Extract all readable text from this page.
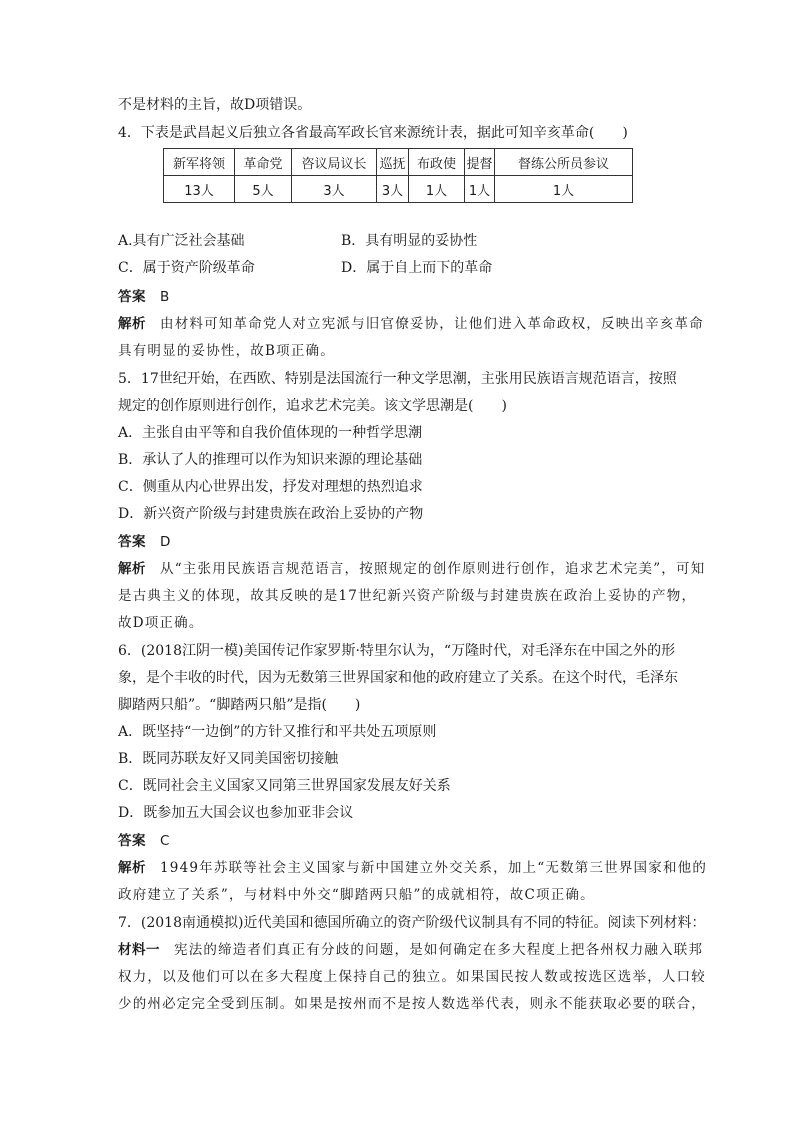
不是材料的主旨，故D项错误。
4．下表是武昌起义后独立各省最高军政长官来源统计表，据此可知辛亥革命(　　)
新军将领	革命党	咨议局议长	巡抚	布政使	提督	督练公所员参议
13人	5人	3人	3人	1人	1人	1人
A.具有广泛社会基础	B．具有明显的妥协性
C．属于资产阶级革命	D．属于自上而下的革命
答案 B
解析 由材料可知革命党人对立宪派与旧官僚妥协，让他们进入革命政权，反映出辛亥革命
具有明显的妥协性，故B项正确。
5．17世纪开始，在西欧、特别是法国流行一种文学思潮，主张用民族语言规范语言，按照
规定的创作原则进行创作，追求艺术完美。该文学思潮是(　　)
A．主张自由平等和自我价值体现的一种哲学思潮
B．承认了人的推理可以作为知识来源的理论基础
C．侧重从内心世界出发，抒发对理想的热烈追求
D．新兴资产阶级与封建贵族在政治上妥协的产物
答案 D
解析 从“主张用民族语言规范语言，按照规定的创作原则进行创作，追求艺术完美”，可知
是古典主义的体现，故其反映的是17世纪新兴资产阶级与封建贵族在政治上妥协的产物，
故D项正确。
6．(2018江阴一模)美国传记作家罗斯·特里尔认为，“万隆时代，对毛泽东在中国之外的形
象，是个丰收的时代，因为无数第三世界国家和他的政府建立了关系。在这个时代，毛泽东
脚踏两只船”。“脚踏两只船”是指(　　)
A．既坚持“一边倒”的方针又推行和平共处五项原则
B．既同苏联友好又同美国密切接触
C．既同社会主义国家又同第三世界国家发展友好关系
D．既参加五大国会议也参加亚非会议
答案 C
解析 1949年苏联等社会主义国家与新中国建立外交关系，加上“无数第三世界国家和他的
政府建立了关系”，与材料中外交“脚踏两只船”的成就相符，故C项正确。
7．(2018南通模拟)近代美国和德国所确立的资产阶级代议制具有不同的特征。阅读下列材料：
材料一 宪法的缔造者们真正有分歧的问题，是如何确定在多大程度上把各州权力融入联邦
权力，以及他们可以在多大程度上保持自己的独立。如果国民按人数或按选区选举，人口较
少的州必定完全受到压制。如果是按州而不是按人数选举代表，则永不能获取必要的联合，
